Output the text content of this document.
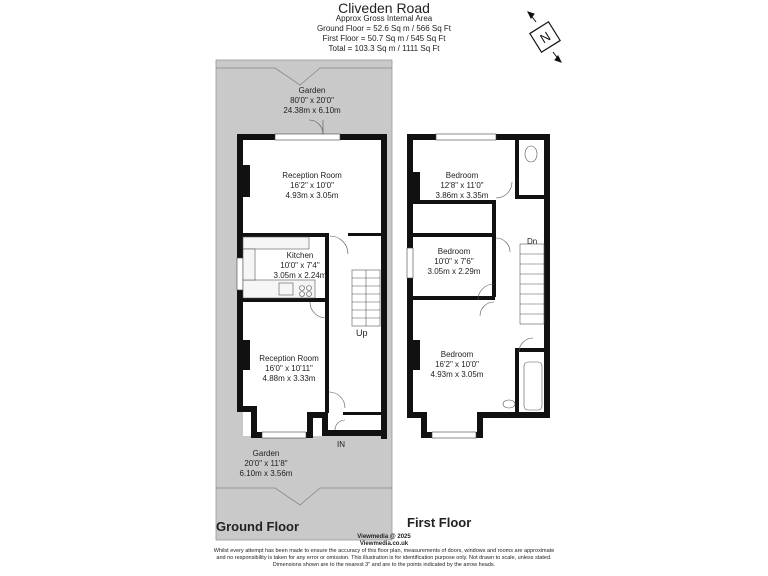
N
Cliveden Road
Approx Gross Internal Area
Ground Floor = 52.6 Sq m / 566 Sq Ft
First Floor = 50.7 Sq m / 545 Sq Ft
Total = 103.3 Sq m / 1111 Sq Ft
Garden
80'0" x 20'0"
24.38m x 6.10m
Reception Room
16'2" x 10'0"
4.93m x 3.05m
Kitchen
10'0" x 7'4"
3.05m x 2.24m
Reception Room
16'0" x 10'11"
4.88m x 3.33m
Garden
20'0" x 11'8"
6.10m x 3.56m
Up
IN
Ground Floor
Bedroom
12'8" x 11'0"
3.86m x 3.35m
Bedroom
10'0" x 7'6"
3.05m x 2.29m
Bedroom
16'2" x 10'0"
4.93m x 3.05m
Dn
First Floor
Viewmedia @ 2025
Viewmedia.co.uk
Whilst every attempt has been made to ensure the accuracy of this floor plan, measurements of doors, windows and rooms are approximate
and no responsibility is taken for any error or omission. This illustration is for identification purpose only. Not drawn to scale, unless stated.
Dimensions shown are to the nearest 3" and are to the points indicated by the arrow heads.
